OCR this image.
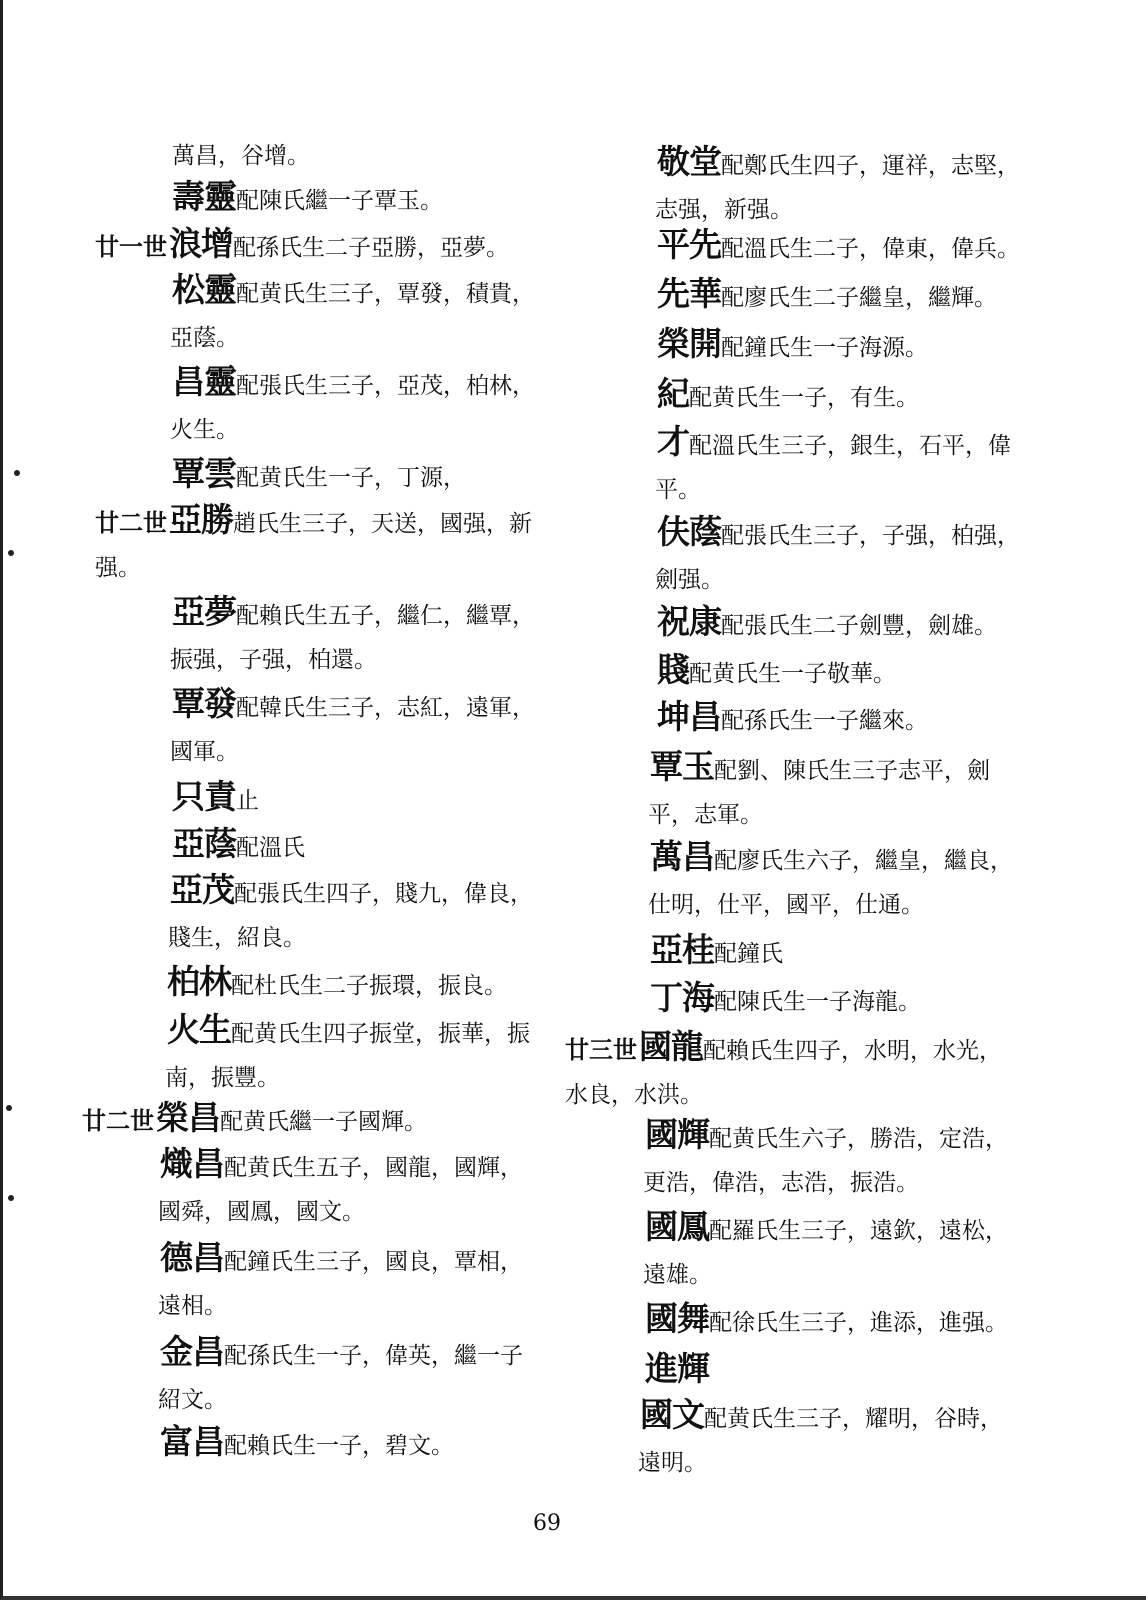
萬昌，谷增。
壽靈配陳氏繼一子覃玉。
廿一世浪增配孫氏生二子亞勝，亞夢。
松靈配黄氏生三子，覃發，積貴，
亞蔭。
昌靈配張氏生三子，亞茂，柏林，
火生。
覃雲配黄氏生一子，丁源，
廿二世亞勝趙氏生三子，天送，國强，新
强。
亞夢配賴氏生五子，繼仁，繼覃，
振强，子强，柏還。
覃發配韓氏生三子，志紅，遠軍，
國軍。
只責止
亞蔭配溫氏
亞茂配張氏生四子，賤九，偉良，
賤生，紹良。
柏林配杜氏生二子振環，振良。
火生配黄氏生四子振堂，振華，振
南，振豐。
廿二世榮昌配黄氏繼一子國輝。
熾昌配黄氏生五子，國龍，國輝，
國舜，國鳳，國文。
德昌配鐘氏生三子，國良，覃相，
遠相。
金昌配孫氏生一子，偉英，繼一子
紹文。
富昌配賴氏生一子，碧文。
敬堂配鄭氏生四子，運祥，志堅，
志强，新强。
平先配溫氏生二子，偉東，偉兵。
先華配廖氏生二子繼皇，繼輝。
榮開配鐘氏生一子海源。
紀配黄氏生一子，有生。
才配溫氏生三子，銀生，石平，偉
平。
伕蔭配張氏生三子，子强，柏强，
劍强。
祝康配張氏生二子劍豐，劍雄。
賤配黄氏生一子敬華。
坤昌配孫氏生一子繼來。
覃玉配劉、陳氏生三子志平，劍
平，志軍。
萬昌配廖氏生六子，繼皇，繼良，
仕明，仕平，國平，仕通。
亞桂配鐘氏
丁海配陳氏生一子海龍。
廿三世國龍配賴氏生四子，水明，水光，
水良，水洪。
國輝配黄氏生六子，勝浩，定浩，
更浩，偉浩，志浩，振浩。
國鳳配羅氏生三子，遠欽，遠松，
遠雄。
國舞配徐氏生三子，進添，進强。
進輝
國文配黄氏生三子，耀明，谷時，
遠明。
69
